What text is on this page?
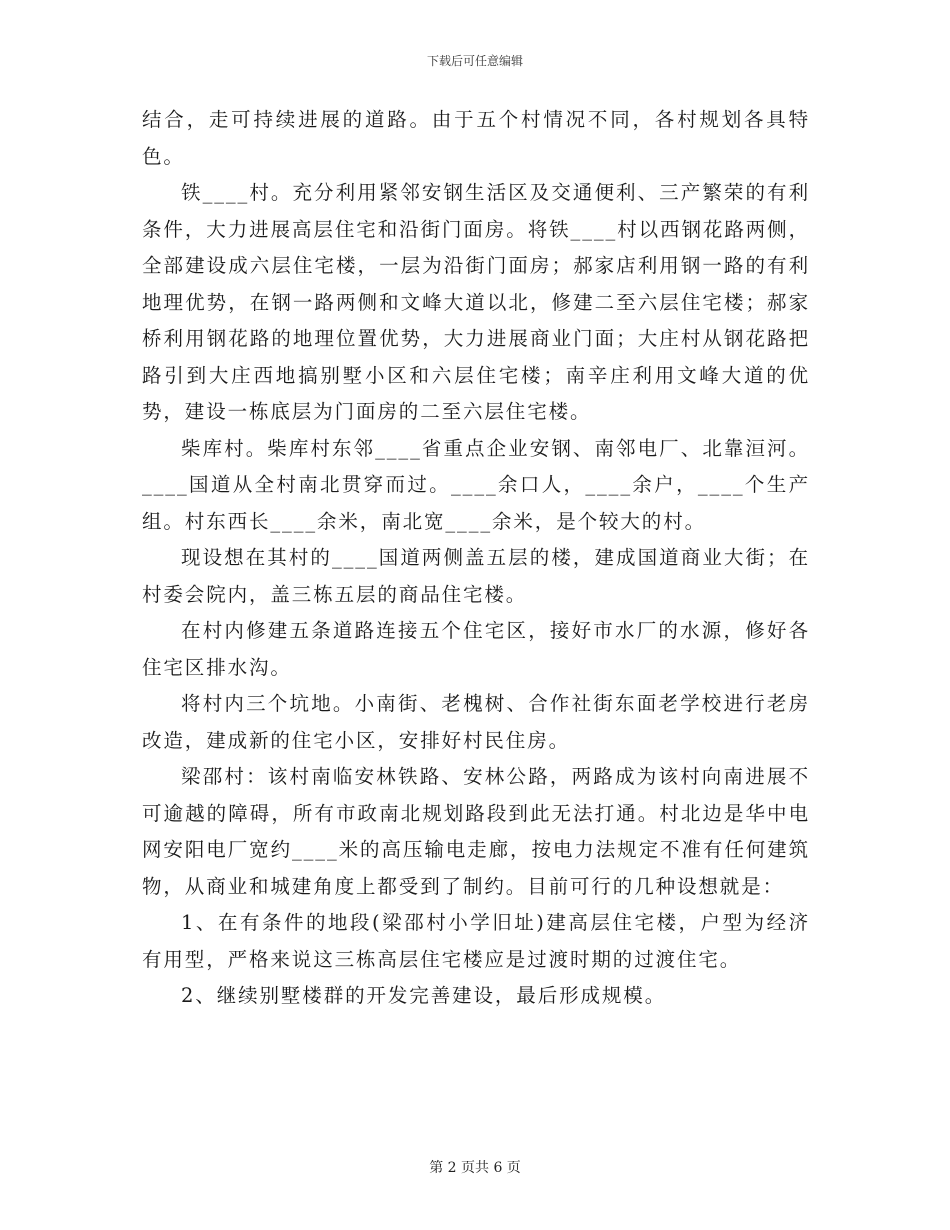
下载后可任意编辑

结合，走可持续进展的道路。由于五个村情况不同，各村规划各具特色。

铁____村。充分利用紧邻安钢生活区及交通便利、三产繁荣的有利条件，大力进展高层住宅和沿街门面房。将铁____村以西钢花路两侧，全部建设成六层住宅楼，一层为沿街门面房；郝家店利用钢一路的有利地理优势，在钢一路两侧和文峰大道以北，修建二至六层住宅楼；郝家桥利用钢花路的地理位置优势，大力进展商业门面；大庄村从钢花路把路引到大庄西地搞别墅小区和六层住宅楼；南辛庄利用文峰大道的优势，建设一栋底层为门面房的二至六层住宅楼。

柴库村。柴库村东邻____省重点企业安钢、南邻电厂、北靠洹河。____国道从全村南北贯穿而过。____余口人，____余户，____个生产组。村东西长____余米，南北宽____余米，是个较大的村。

现设想在其村的____国道两侧盖五层的楼，建成国道商业大街；在村委会院内，盖三栋五层的商品住宅楼。

在村内修建五条道路连接五个住宅区，接好市水厂的水源，修好各住宅区排水沟。

将村内三个坑地。小南街、老槐树、合作社街东面老学校进行老房改造，建成新的住宅小区，安排好村民住房。

梁邵村：该村南临安林铁路、安林公路，两路成为该村向南进展不可逾越的障碍，所有市政南北规划路段到此无法打通。村北边是华中电网安阳电厂宽约____米的高压输电走廊，按电力法规定不准有任何建筑物，从商业和城建角度上都受到了制约。目前可行的几种设想就是：

1、在有条件的地段(梁邵村小学旧址)建高层住宅楼，户型为经济有用型，严格来说这三栋高层住宅楼应是过渡时期的过渡住宅。

2、继续别墅楼群的开发完善建设，最后形成规模。

第 2 页共 6 页
